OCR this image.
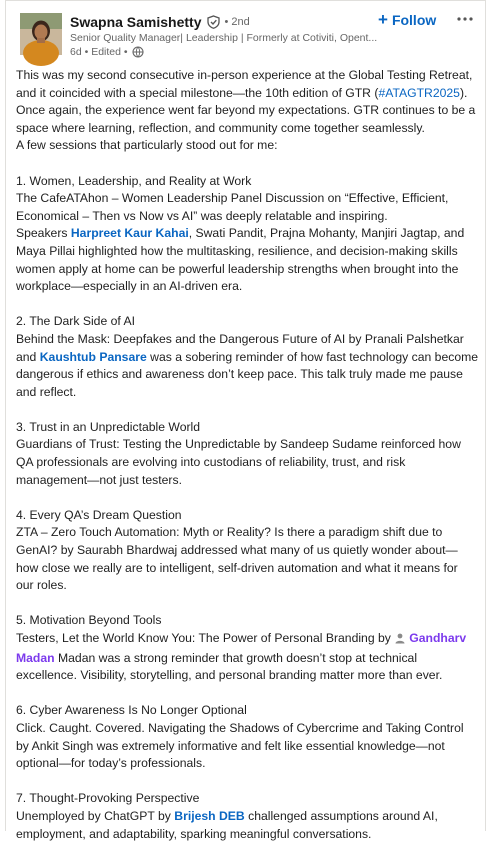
Swapna Samishetty • 2nd
Senior Quality Manager| Leadership | Formerly at Cotiviti, Opent...
6d • Edited •
+ Follow

This was my second consecutive in-person experience at the Global Testing Retreat,

and it coincided with a special milestone—the 10th edition of GTR (#ATAGTR2025).

Once again, the experience went far beyond my expectations. GTR continues to be a

space where learning, reflection, and community come together seamlessly.

A few sessions that particularly stood out for me:

1. Women, Leadership, and Reality at Work

The CafeATAhon – Women Leadership Panel Discussion on “Effective, Efficient,

Economical – Then vs Now vs AI” was deeply relatable and inspiring.

Speakers Harpreet Kaur Kahai, Swati Pandit, Prajna Mohanty, Manjiri Jagtap, and

Maya Pillai highlighted how the multitasking, resilience, and decision-making skills

women apply at home can be powerful leadership strengths when brought into the

workplace—especially in an AI-driven era.

2. The Dark Side of AI

Behind the Mask: Deepfakes and the Dangerous Future of AI by Pranali Palshetkar

and Kaushtub Pansare was a sobering reminder of how fast technology can become

dangerous if ethics and awareness don’t keep pace. This talk truly made me pause

and reflect.

3. Trust in an Unpredictable World

Guardians of Trust: Testing the Unpredictable by Sandeep Sudame reinforced how

QA professionals are evolving into custodians of reliability, trust, and risk

management—not just testers.

4. Every QA’s Dream Question

ZTA – Zero Touch Automation: Myth or Reality? Is there a paradigm shift due to

GenAI? by Saurabh Bhardwaj addressed what many of us quietly wonder about—

how close we really are to intelligent, self-driven automation and what it means for

our roles.

5. Motivation Beyond Tools

Testers, Let the World Know You: The Power of Personal Branding by Gandharv

Madan Madan was a strong reminder that growth doesn’t stop at technical

excellence. Visibility, storytelling, and personal branding matter more than ever.

6. Cyber Awareness Is No Longer Optional

Click. Caught. Covered. Navigating the Shadows of Cybercrime and Taking Control

by Ankit Singh was extremely informative and felt like essential knowledge—not

optional—for today’s professionals.

7. Thought-Provoking Perspective

Unemployed by ChatGPT by Brijesh DEB challenged assumptions around AI,

employment, and adaptability, sparking meaningful conversations.
